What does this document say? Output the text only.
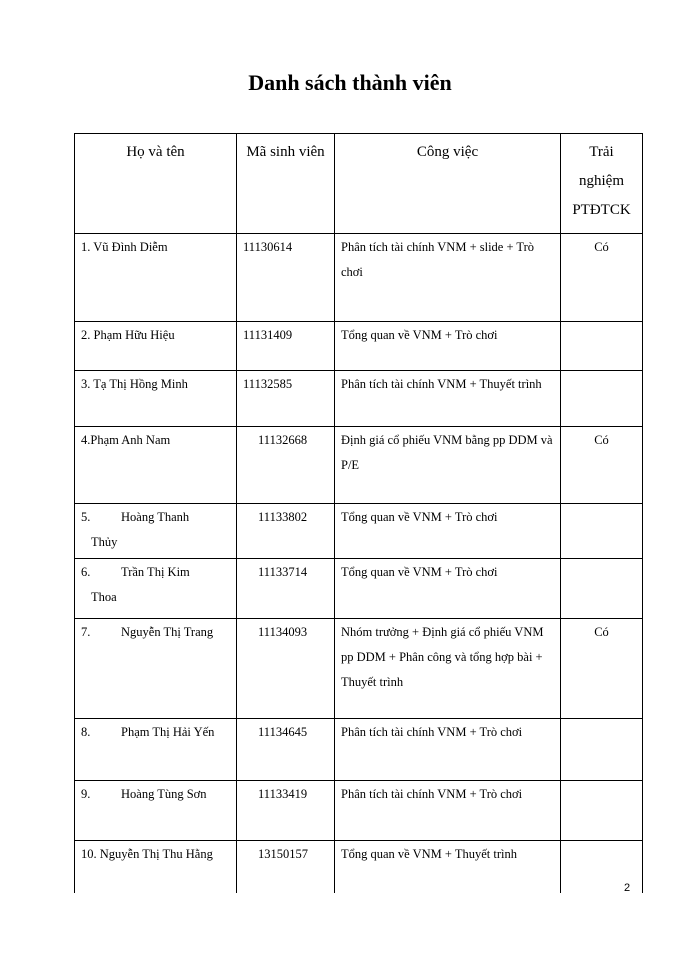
Danh sách thành viên
Họ và tên	Mã sinh viên	Công việc	Trải
nghiệm
PTĐTCK
1. Vũ Đình Diễm	11130614	Phân tích tài chính VNM + slide + Trò chơi	Có
2. Phạm Hữu Hiệu	11131409	Tổng quan về VNM + Trò chơi	
3. Tạ Thị Hồng Minh	11132585	Phân tích tài chính VNM + Thuyết trình	
4.Phạm Anh Nam	11132668	Định giá cổ phiếu VNM bằng pp DDM và P/E	Có
5. Hoàng Thanh
Thủy	11133802	Tổng quan về VNM + Trò chơi	
6. Trần Thị Kim
Thoa	11133714	Tổng quan về VNM + Trò chơi	
7. Nguyễn Thị Trang	11134093	Nhóm trưởng + Định giá cổ phiếu VNM pp DDM + Phân công và tổng hợp bài + Thuyết trình	Có
8. Phạm Thị Hải Yến	11134645	Phân tích tài chính VNM + Trò chơi	
9. Hoàng Tùng Sơn	11133419	Phân tích tài chính VNM + Trò chơi	
10. Nguyễn Thị Thu Hằng	13150157	Tổng quan về VNM + Thuyết trình	
2
